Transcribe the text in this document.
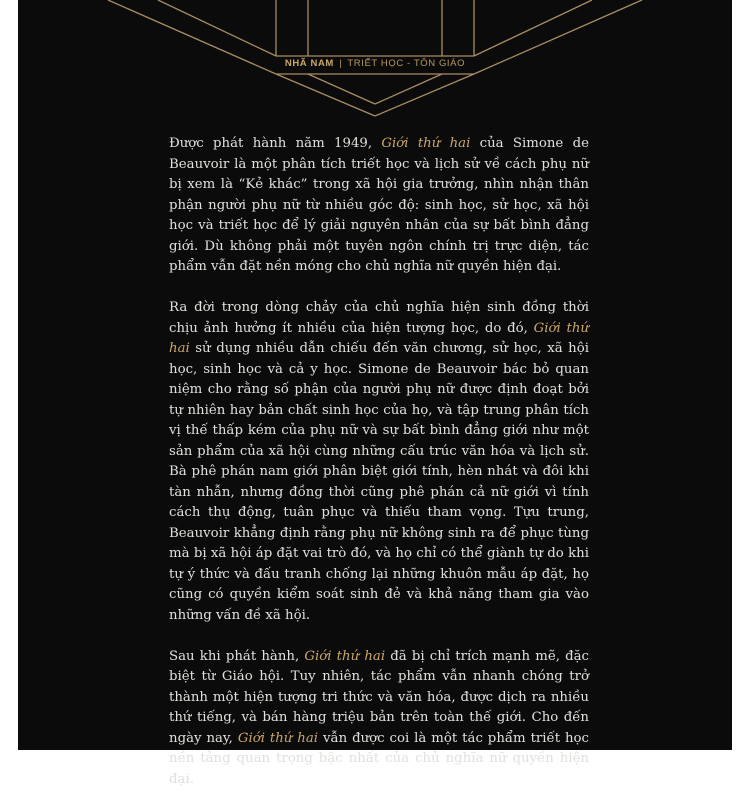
NHÃ NAM | TRIẾT HỌC - TÔN GIÁO

Được phát hành năm 1949, Giới thứ hai của Simone de Beauvoir là một phân tích triết học và lịch sử về cách phụ nữ bị xem là “Kẻ khác” trong xã hội gia trưởng, nhìn nhận thân phận người phụ nữ từ nhiều góc độ: sinh học, sử học, xã hội học và triết học để lý giải nguyên nhân của sự bất bình đẳng giới. Dù không phải một tuyên ngôn chính trị trực diện, tác phẩm vẫn đặt nền móng cho chủ nghĩa nữ quyền hiện đại.

Ra đời trong dòng chảy của chủ nghĩa hiện sinh đồng thời chịu ảnh hưởng ít nhiều của hiện tượng học, do đó, Giới thứ hai sử dụng nhiều dẫn chiếu đến văn chương, sử học, xã hội học, sinh học và cả y học. Simone de Beauvoir bác bỏ quan niệm cho rằng số phận của người phụ nữ được định đoạt bởi tự nhiên hay bản chất sinh học của họ, và tập trung phân tích vị thế thấp kém của phụ nữ và sự bất bình đẳng giới như một sản phẩm của xã hội cùng những cấu trúc văn hóa và lịch sử. Bà phê phán nam giới phân biệt giới tính, hèn nhát và đôi khi tàn nhẫn, nhưng đồng thời cũng phê phán cả nữ giới vì tính cách thụ động, tuân phục và thiếu tham vọng. Tựu trung, Beauvoir khẳng định rằng phụ nữ không sinh ra để phục tùng mà bị xã hội áp đặt vai trò đó, và họ chỉ có thể giành tự do khi tự ý thức và đấu tranh chống lại những khuôn mẫu áp đặt, họ cũng có quyền kiểm soát sinh đẻ và khả năng tham gia vào những vấn đề xã hội.

Sau khi phát hành, Giới thứ hai đã bị chỉ trích mạnh mẽ, đặc biệt từ Giáo hội. Tuy nhiên, tác phẩm vẫn nhanh chóng trở thành một hiện tượng tri thức và văn hóa, được dịch ra nhiều thứ tiếng, và bán hàng triệu bản trên toàn thế giới. Cho đến ngày nay, Giới thứ hai vẫn được coi là một tác phẩm triết học nền tảng quan trọng bậc nhất của chủ nghĩa nữ quyền hiện đại.
